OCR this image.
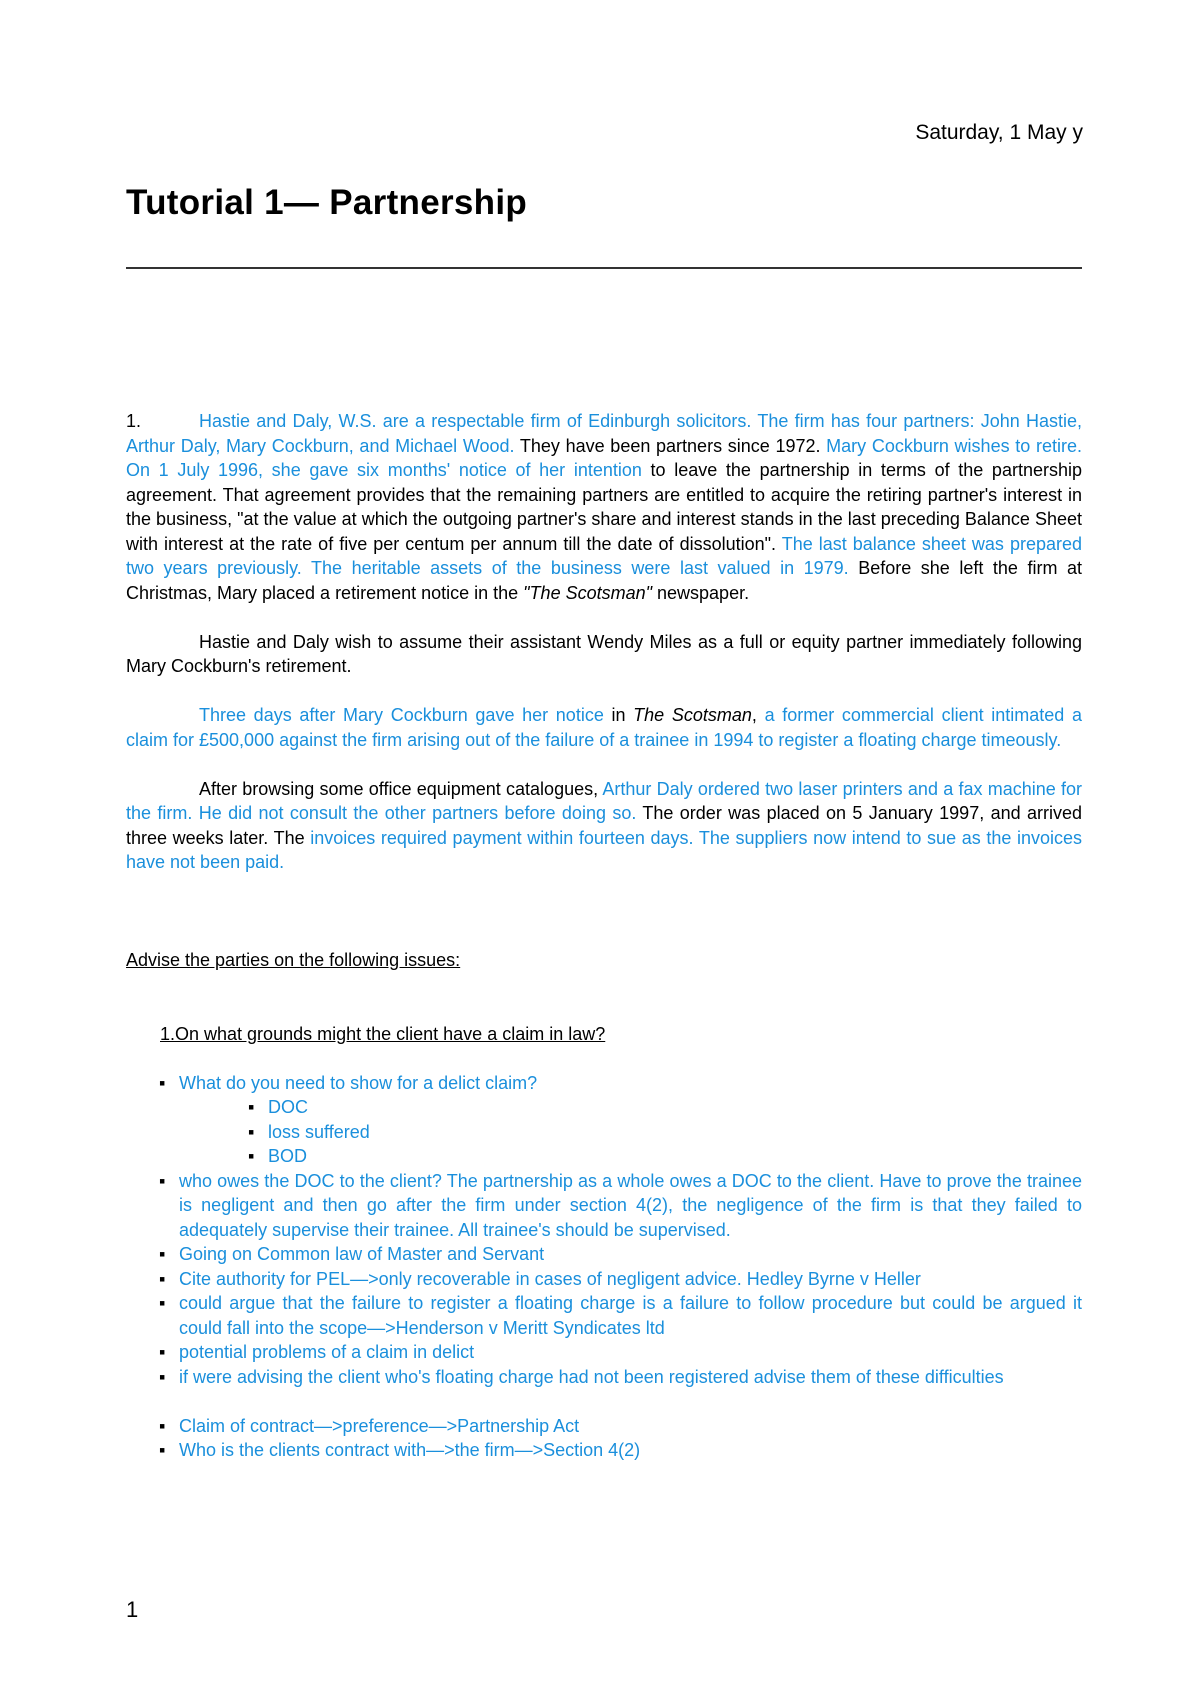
Saturday, 1 May y
Tutorial 1— Partnership

1.	Hastie and Daly, W.S. are a respectable firm of Edinburgh solicitors. The firm has four partners: John Hastie, Arthur Daly, Mary Cockburn, and Michael Wood. They have been partners since 1972. Mary Cockburn wishes to retire. On 1 July 1996, she gave six months' notice of her intention to leave the partnership in terms of the partnership agreement. That agreement provides that the remaining partners are entitled to acquire the retiring partner's interest in the business, "at the value at which the outgoing partner's share and interest stands in the last preceding Balance Sheet with interest at the rate of five per centum per annum till the date of dissolution". The last balance sheet was prepared two years previously. The heritable assets of the business were last valued in 1979. Before she left the firm at Christmas, Mary placed a retirement notice in the "The Scotsman" newspaper.

Hastie and Daly wish to assume their assistant Wendy Miles as a full or equity partner immediately following Mary Cockburn's retirement.

Three days after Mary Cockburn gave her notice in The Scotsman, a former commercial client intimated a claim for £500,000 against the firm arising out of the failure of a trainee in 1994 to register a floating charge timeously.

After browsing some office equipment catalogues, Arthur Daly ordered two laser printers and a fax machine for the firm. He did not consult the other partners before doing so. The order was placed on 5 January 1997, and arrived three weeks later. The invoices required payment within fourteen days. The suppliers now intend to sue as the invoices have not been paid.

Advise the parties on the following issues:

1.On what grounds might the client have a claim in law?

▪ What do you need to show for a delict claim?
▪ DOC
▪ loss suffered
▪ BOD
▪ who owes the DOC to the client? The partnership as a whole owes a DOC to the client. Have to prove the trainee is negligent and then go after the firm under section 4(2), the negligence of the firm is that they failed to adequately supervise their trainee. All trainee's should be supervised.
▪ Going on Common law of Master and Servant
▪ Cite authority for PEL—>only recoverable in cases of negligent advice. Hedley Byrne v Heller
▪ could argue that the failure to register a floating charge is a failure to follow procedure but could be argued it could fall into the scope—>Henderson v Meritt Syndicates ltd
▪ potential problems of a claim in delict
▪ if were advising the client who's floating charge had not been registered advise them of these difficulties
▪ Claim of contract—>preference—>Partnership Act
▪ Who is the clients contract with—>the firm—>Section 4(2)
1
